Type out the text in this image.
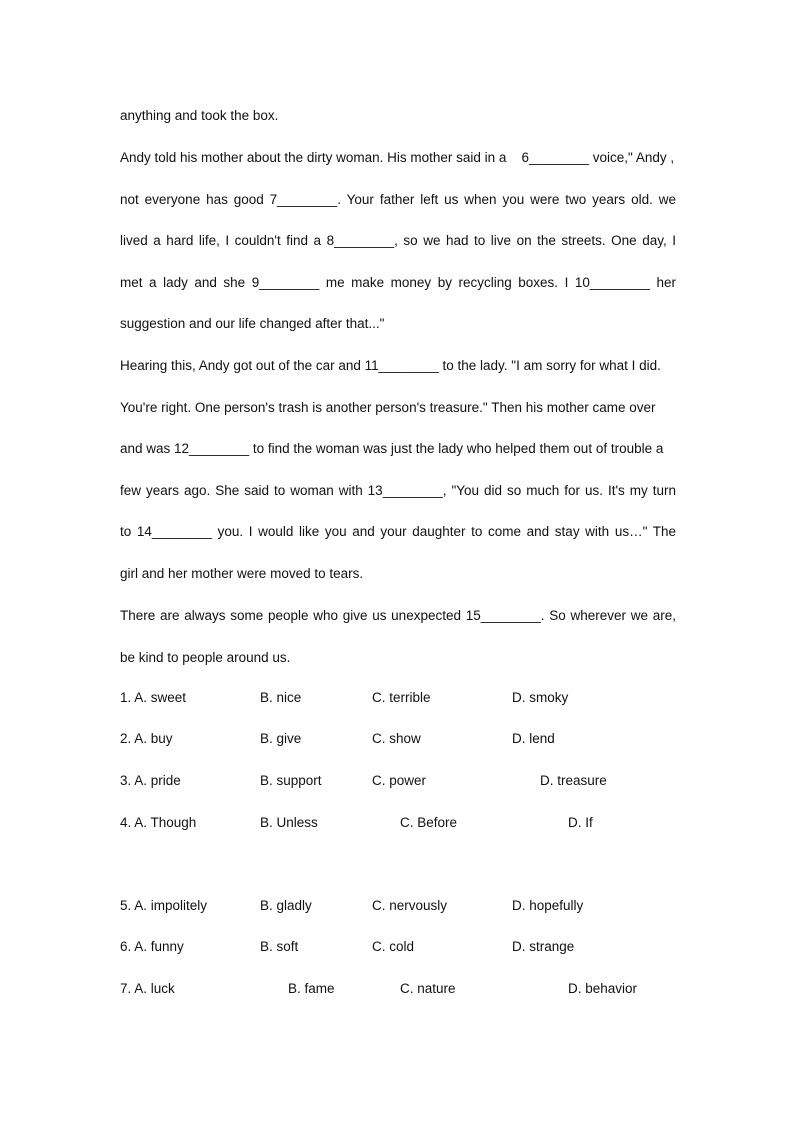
anything and took the box.
Andy told his mother about the dirty woman. His mother said in a    6________ voice," Andy ,
not everyone has good 7________. Your father left us when you were two years old. we
lived a hard life, I couldn't find a 8________, so we had to live on the streets. One day, I
met a lady and she 9________ me make money by recycling boxes. I 10________ her
suggestion and our life changed after that..."
Hearing this, Andy got out of the car and 11________ to the lady. "I am sorry for what I did.
You're right. One person's trash is another person's treasure." Then his mother came over
and was 12________ to find the woman was just the lady who helped them out of trouble a
few years ago. She said to woman with 13________, "You did so much for us. It's my turn
to 14________ you. I would like you and your daughter to come and stay with us…" The
girl and her mother were moved to tears.
There are always some people who give us unexpected 15________. So wherever we are,
be kind to people around us.
1. A. sweet	B. nice	C. terrible	D. smoky
2. A. buy	B. give	C. show	D. lend
3. A. pride	B. support	C. power	D. treasure
4. A. Though	B. Unless	C. Before	D. If
5. A. impolitely	B. gladly	C. nervously	D. hopefully
6. A. funny	B. soft	C. cold	D. strange
7. A. luck	B. fame	C. nature	D. behavior
